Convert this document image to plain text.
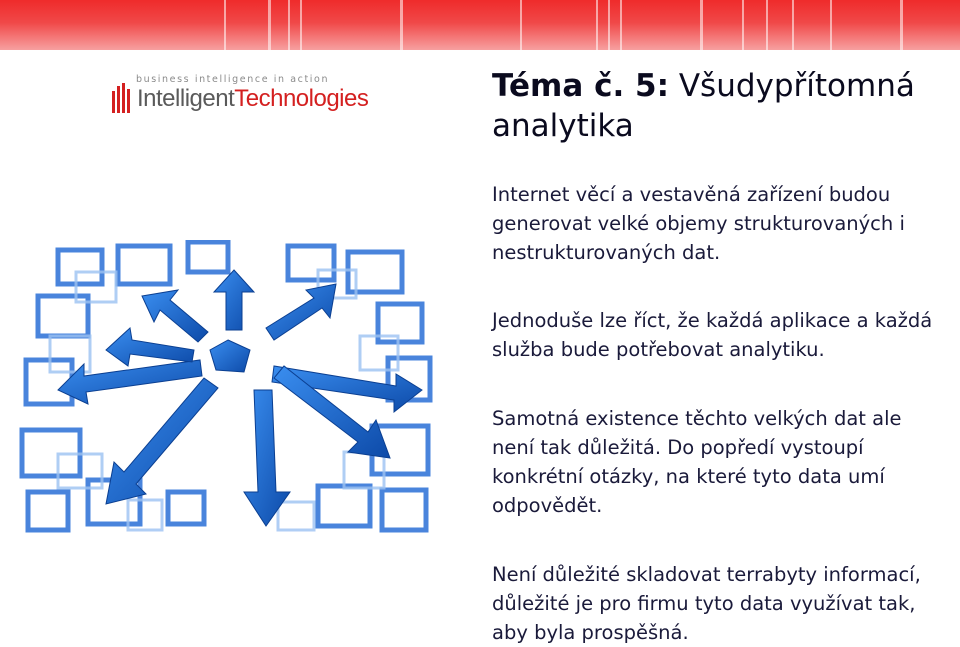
business intelligence in action
IntelligentTechnologies	Téma č. 5: Všudypřítomná analytika
Internet věcí a vestavěná zařízení budou generovat velké objemy strukturovaných i nestrukturovaných dat.
Jednoduše lze říct, že každá aplikace a každá služba bude potřebovat analytiku.
Samotná existence těchto velkých dat ale není tak důležitá. Do popředí vystoupí konkrétní otázky, na které tyto data umí odpovědět.
Není důležité skladovat terrabyty informací, důležité je pro firmu tyto data využívat tak, aby byla prospěšná.
